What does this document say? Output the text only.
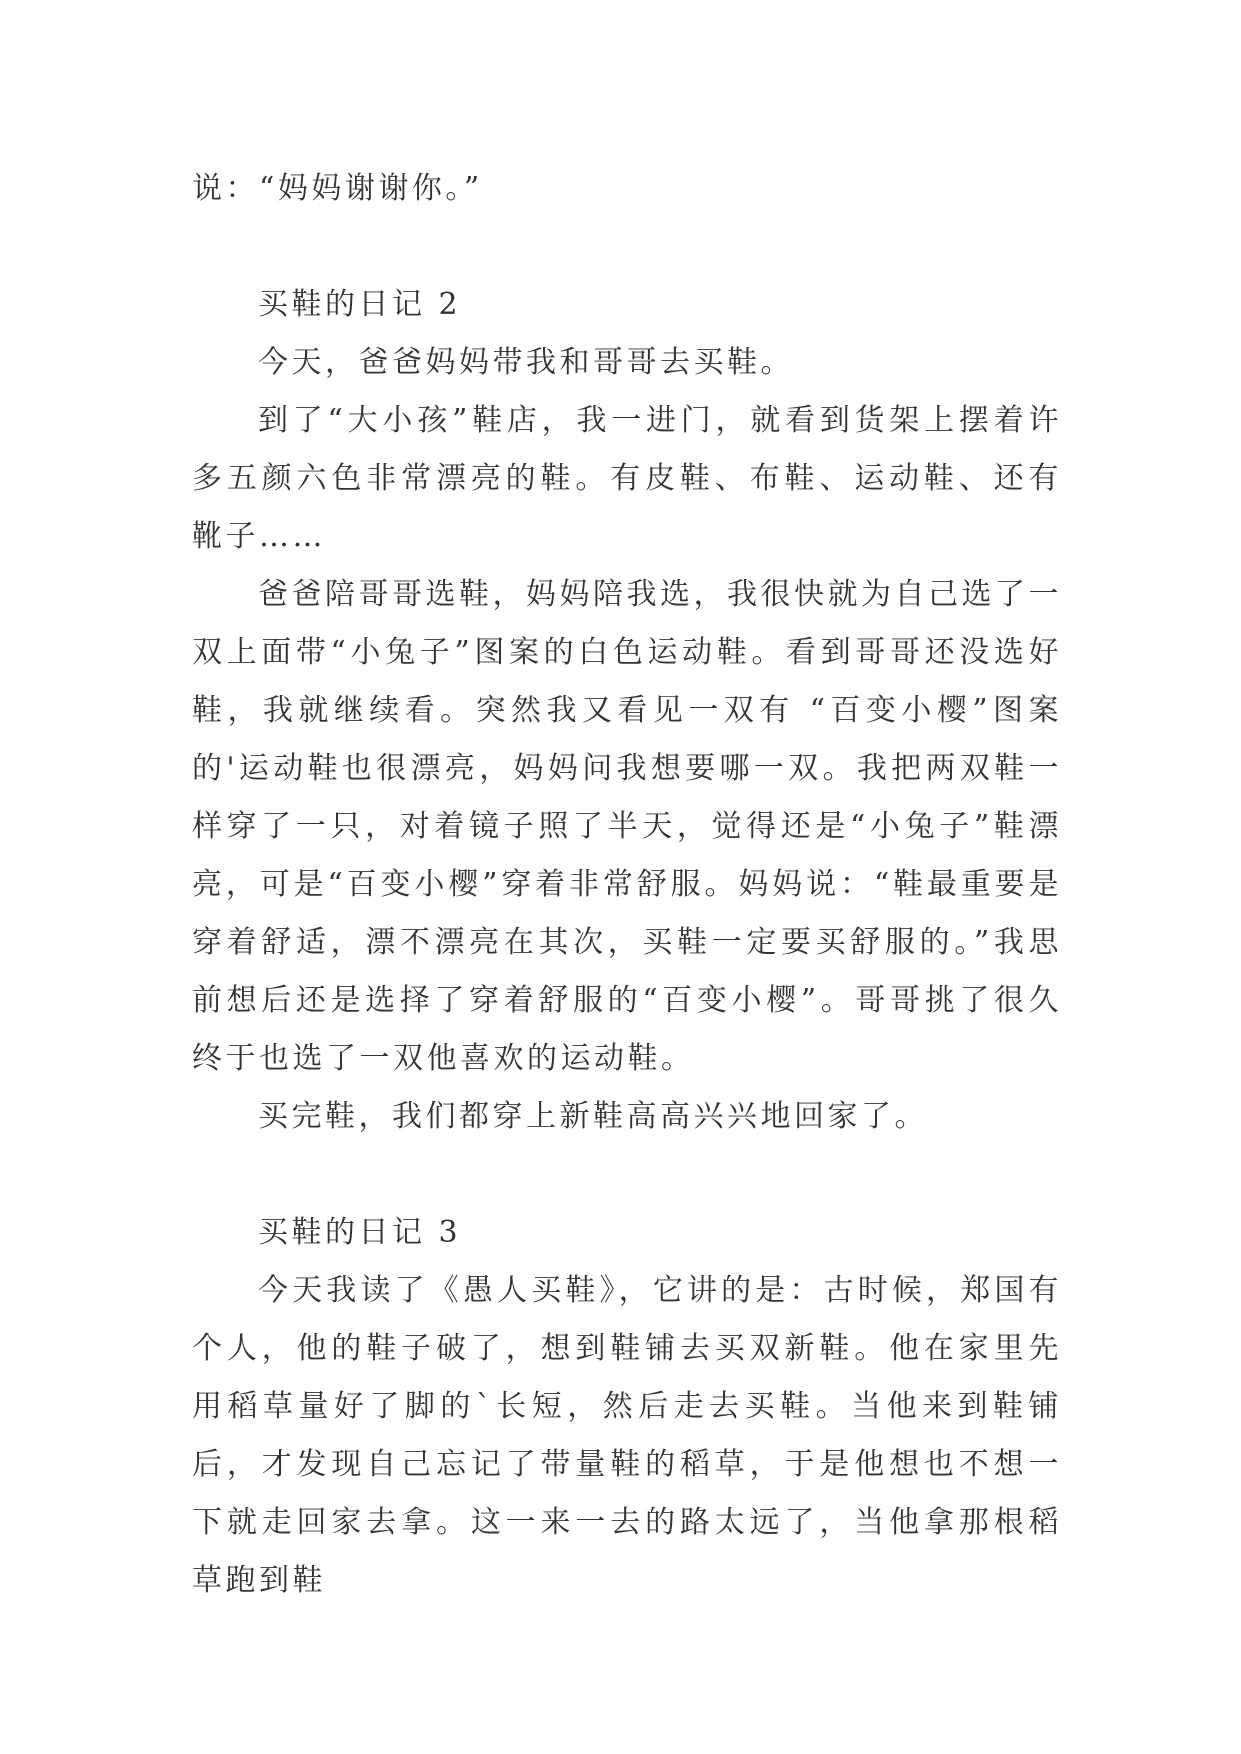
说：“妈妈谢谢你。”

买鞋的日记 2

今天，爸爸妈妈带我和哥哥去买鞋。

到了“大小孩”鞋店，我一进门，就看到货架上摆着许多五颜六色非常漂亮的鞋。有皮鞋、布鞋、运动鞋、还有靴子……

爸爸陪哥哥选鞋，妈妈陪我选，我很快就为自己选了一双上面带“小兔子”图案的白色运动鞋。看到哥哥还没选好鞋，我就继续看。突然我又看见一双有 “百变小樱”图案的'运动鞋也很漂亮，妈妈问我想要哪一双。我把两双鞋一样穿了一只，对着镜子照了半天，觉得还是“小兔子”鞋漂亮，可是“百变小樱”穿着非常舒服。妈妈说：“鞋最重要是穿着舒适，漂不漂亮在其次，买鞋一定要买舒服的。”我思前想后还是选择了穿着舒服的“百变小樱”。哥哥挑了很久终于也选了一双他喜欢的运动鞋。

买完鞋，我们都穿上新鞋高高兴兴地回家了。

买鞋的日记 3

今天我读了《愚人买鞋》，它讲的是：古时候，郑国有个人，他的鞋子破了，想到鞋铺去买双新鞋。他在家里先用稻草量好了脚的`长短，然后走去买鞋。当他来到鞋铺后，才发现自己忘记了带量鞋的稻草，于是他想也不想一下就走回家去拿。这一来一去的路太远了，当他拿那根稻草跑到鞋
